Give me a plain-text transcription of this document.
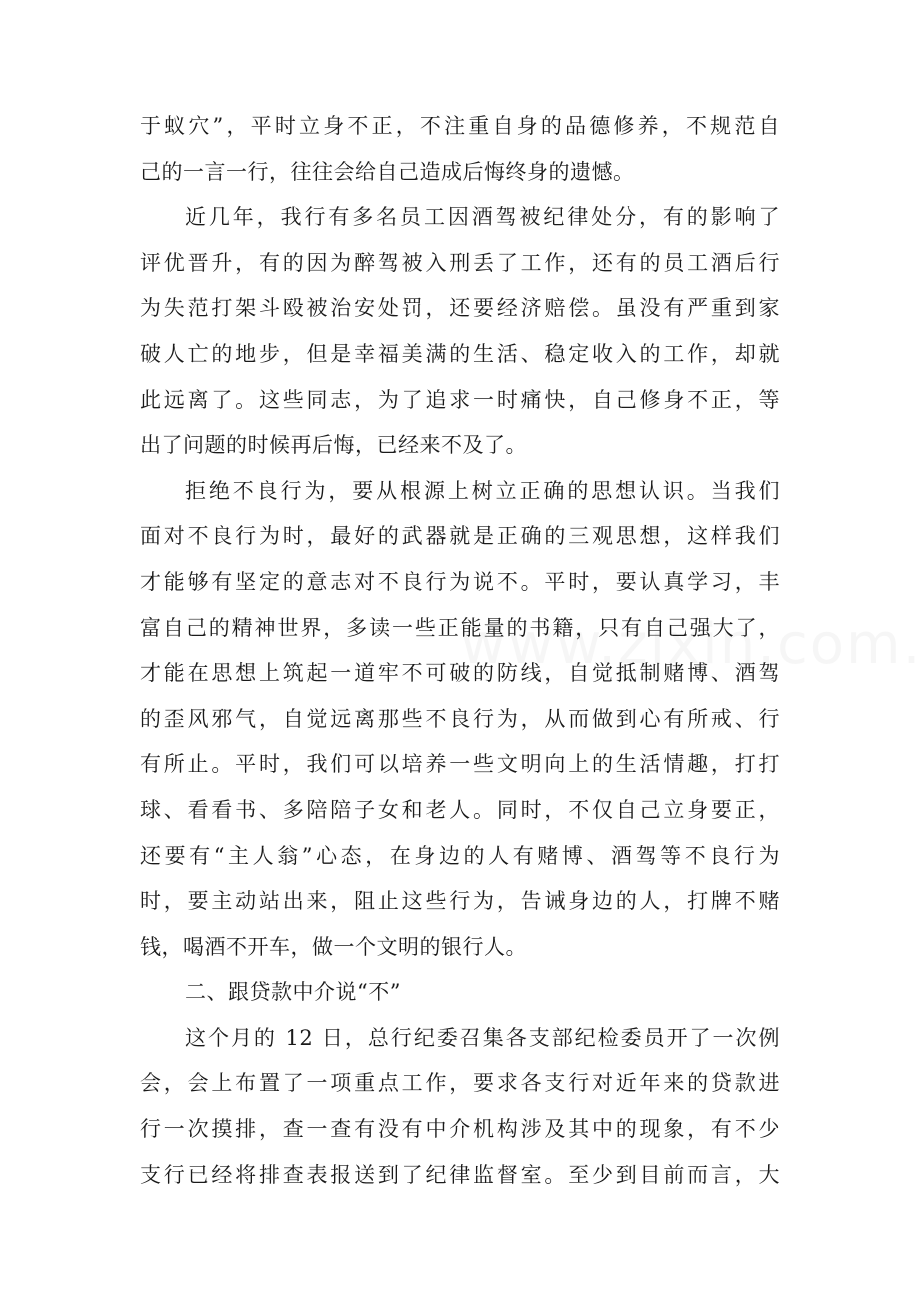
于蚁穴”，平时立身不正，不注重自身的品德修养，不规范自
己的一言一行，往往会给自己造成后悔终身的遗憾。
近几年，我行有多名员工因酒驾被纪律处分，有的影响了
评优晋升，有的因为醉驾被入刑丢了工作，还有的员工酒后行
为失范打架斗殴被治安处罚，还要经济赔偿。虽没有严重到家
破人亡的地步，但是幸福美满的生活、稳定收入的工作，却就
此远离了。这些同志，为了追求一时痛快，自己修身不正，等
出了问题的时候再后悔，已经来不及了。
拒绝不良行为，要从根源上树立正确的思想认识。当我们
面对不良行为时，最好的武器就是正确的三观思想，这样我们
才能够有坚定的意志对不良行为说不。平时，要认真学习，丰
富自己的精神世界，多读一些正能量的书籍，只有自己强大了，
才能在思想上筑起一道牢不可破的防线，自觉抵制赌博、酒驾
的歪风邪气，自觉远离那些不良行为，从而做到心有所戒、行
有所止。平时，我们可以培养一些文明向上的生活情趣，打打
球、看看书、多陪陪子女和老人。同时，不仅自己立身要正，
还要有“主人翁”心态，在身边的人有赌博、酒驾等不良行为
时，要主动站出来，阻止这些行为，告诫身边的人，打牌不赌
钱，喝酒不开车，做一个文明的银行人。
二、跟贷款中介说“不”
这个月的 12 日，总行纪委召集各支部纪检委员开了一次例
会，会上布置了一项重点工作，要求各支行对近年来的贷款进
行一次摸排，查一查有没有中介机构涉及其中的现象，有不少
支行已经将排查表报送到了纪律监督室。至少到目前而言，大
